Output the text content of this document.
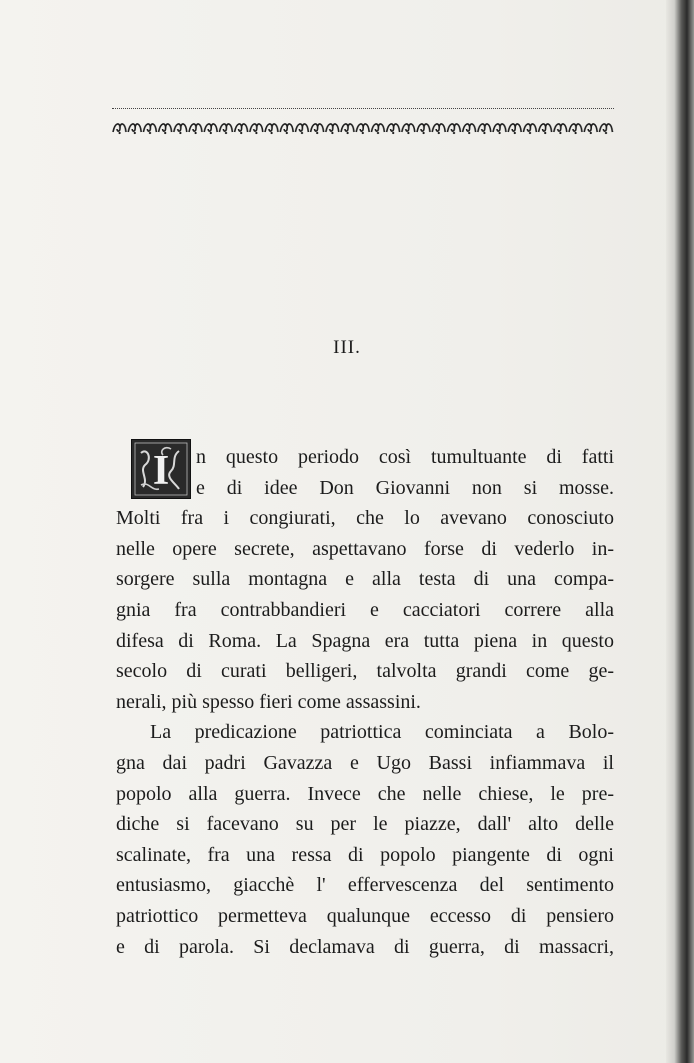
III.
I	n questo periodo così tumultuante di fatti
e di idee Don Giovanni non si mosse.
Molti fra i congiurati, che lo avevano conosciuto
nelle opere secrete, aspettavano forse di vederlo in-
sorgere sulla montagna e alla testa di una compa-
gnia fra contrabbandieri e cacciatori correre alla
difesa di Roma. La Spagna era tutta piena in questo
secolo di curati belligeri, talvolta grandi come ge-
nerali, più spesso fieri come assassini.
La predicazione patriottica cominciata a Bolo-
gna dai padri Gavazza e Ugo Bassi infiammava il
popolo alla guerra. Invece che nelle chiese, le pre-
diche si facevano su per le piazze, dall' alto delle
scalinate, fra una ressa di popolo piangente di ogni
entusiasmo, giacchè l' effervescenza del sentimento
patriottico permetteva qualunque eccesso di pensiero
e di parola. Si declamava di guerra, di massacri,
